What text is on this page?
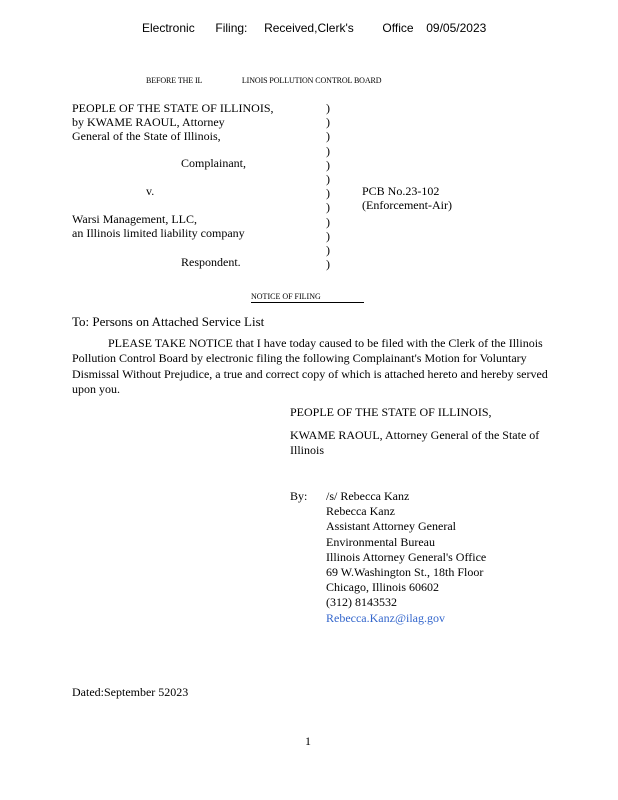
Electronic Filing: Received,Clerk's Office 09/05/2023
BEFORE THE IL	LINOIS POLLUTION CONTROL BOARD
PEOPLE OF THE STATE OF ILLINOIS,
by KWAME RAOUL, Attorney
General of the State of Illinois,
Complainant,
v.
Warsi Management, LLC,
an Illinois limited liability company
Respondent.
)
)
)
)
)
)
)
)
)
)
)
)
PCB No.23-102
(Enforcement-Air)
NOTICE OF FILING
To: Persons on Attached Service List
PLEASE TAKE NOTICE that I have today caused to be filed with the Clerk of the Illinois
Pollution Control Board by electronic filing the following Complainant's Motion for Voluntary
Dismissal Without Prejudice, a true and correct copy of which is attached hereto and hereby served
upon you.
PEOPLE OF THE STATE OF ILLINOIS,
KWAME RAOUL, Attorney General of the State of
Illinois
By: /s/ Rebecca Kanz
Rebecca Kanz
Assistant Attorney General
Environmental Bureau
Illinois Attorney General's Office
69 W.Washington St., 18th Floor
Chicago, Illinois 60602
(312) 8143532
Rebecca.Kanz@ilag.gov
Dated:September 52023
1
